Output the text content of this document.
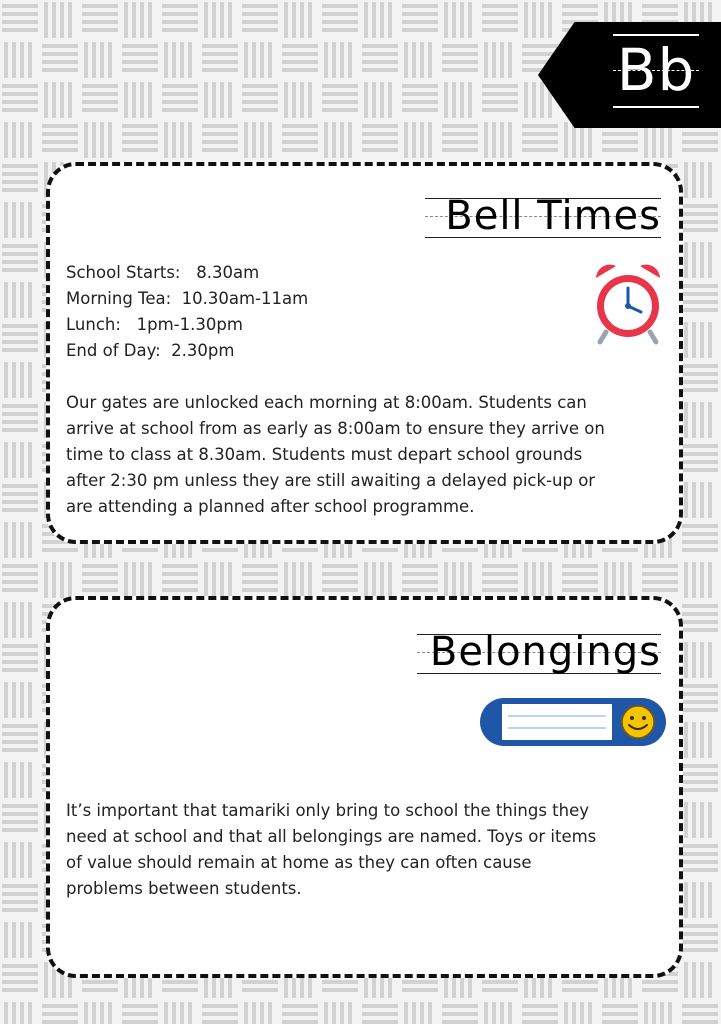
Bb
Bell Times
School Starts:   8.30am
Morning Tea:  10.30am-11am
Lunch:   1pm-1.30pm
End of Day:  2.30pm
Our gates are unlocked each morning at 8:00am. Students can
arrive at school from as early as 8:00am to ensure they arrive on
time to class at 8.30am. Students must depart school grounds
after 2:30 pm unless they are still awaiting a delayed pick-up or
are attending a planned after school programme.
Belongings
It’s important that tamariki only bring to school the things they
need at school and that all belongings are named. Toys or items
of value should remain at home as they can often cause
problems between students.
